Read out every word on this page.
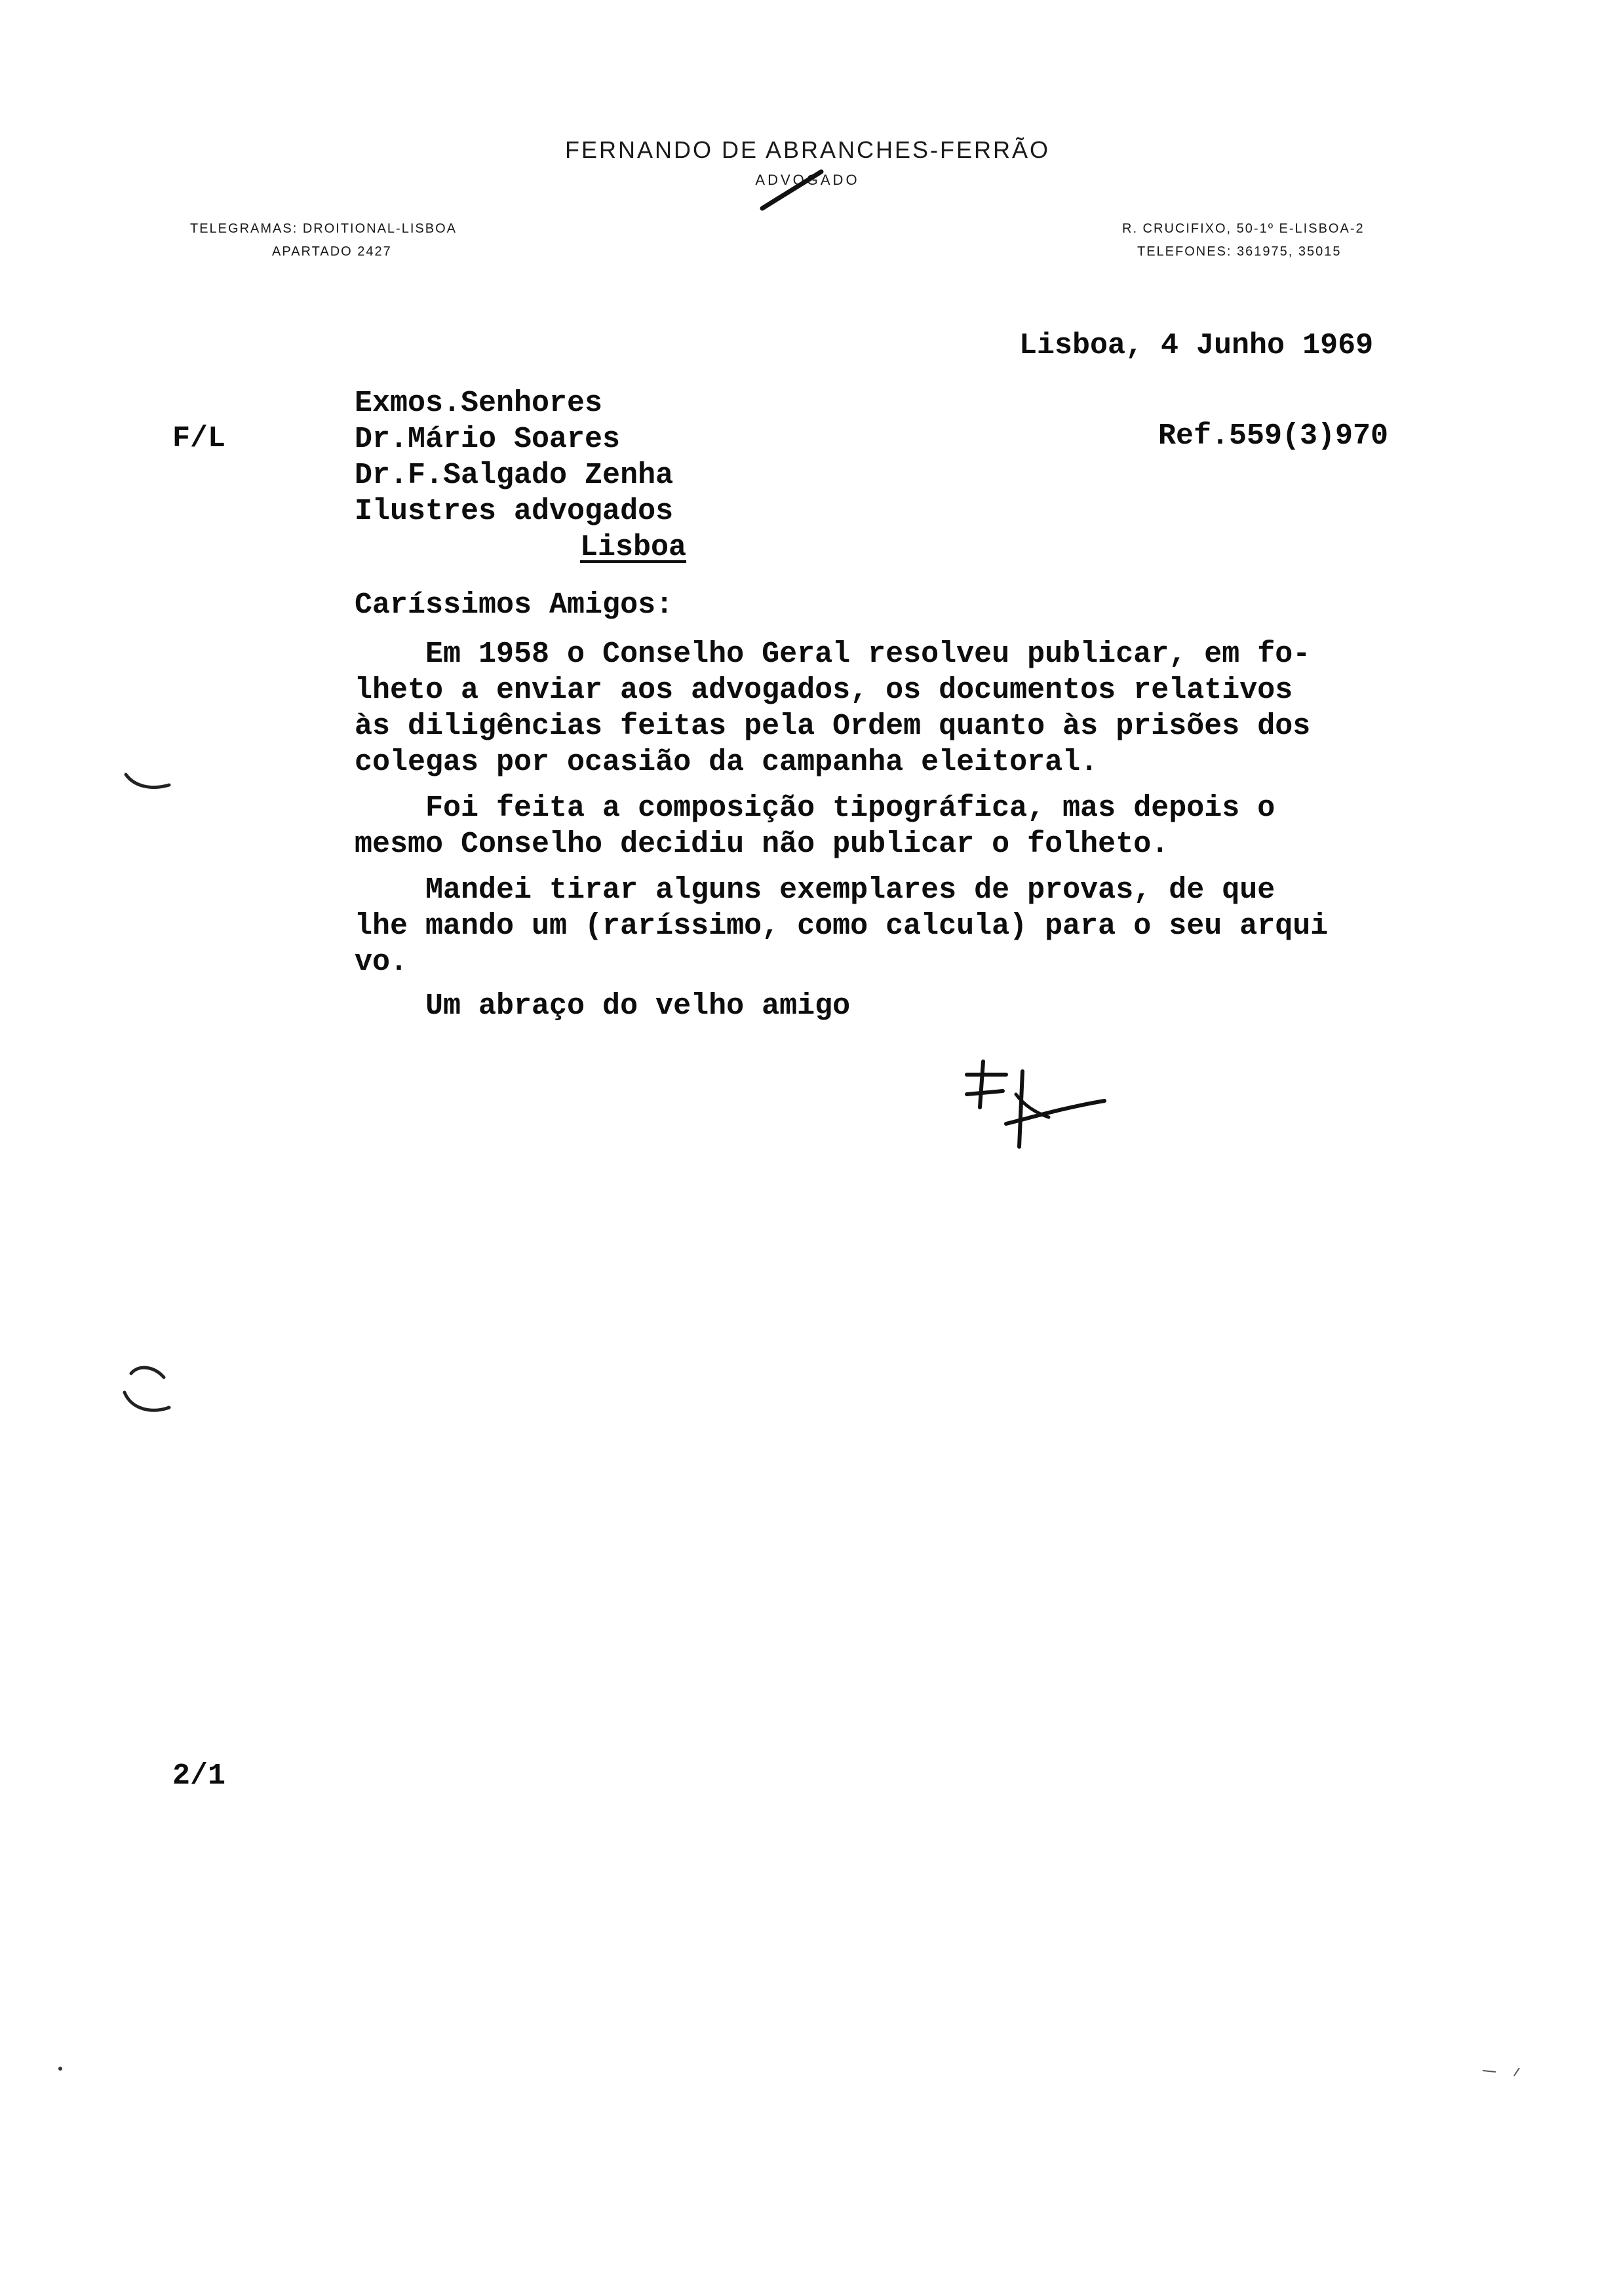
FERNANDO DE ABRANCHES-FERRÃO
ADVOGADO
TELEGRAMAS: DROITIONAL-LISBOA
APARTADO 2427
R. CRUCIFIXO, 50-1º E-LISBOA-2
TELEFONES: 361975, 35015
Lisboa, 4 Junho 1969
F/L	Ref.559(3)970
Exmos.Senhores
Dr.Mário Soares
Dr.F.Salgado Zenha
Ilustres advogados
Lisboa
Caríssimos Amigos:
Em 1958 o Conselho Geral resolveu publicar, em fo-
lheto a enviar aos advogados, os documentos relativos
às diligências feitas pela Ordem quanto às prisões dos
colegas por ocasião da campanha eleitoral.
Foi feita a composição tipográfica, mas depois o
mesmo Conselho decidiu não publicar o folheto.
Mandei tirar alguns exemplares de provas, de que
lhe mando um (raríssimo, como calcula) para o seu arqui
vo.
Um abraço do velho amigo
2/1
